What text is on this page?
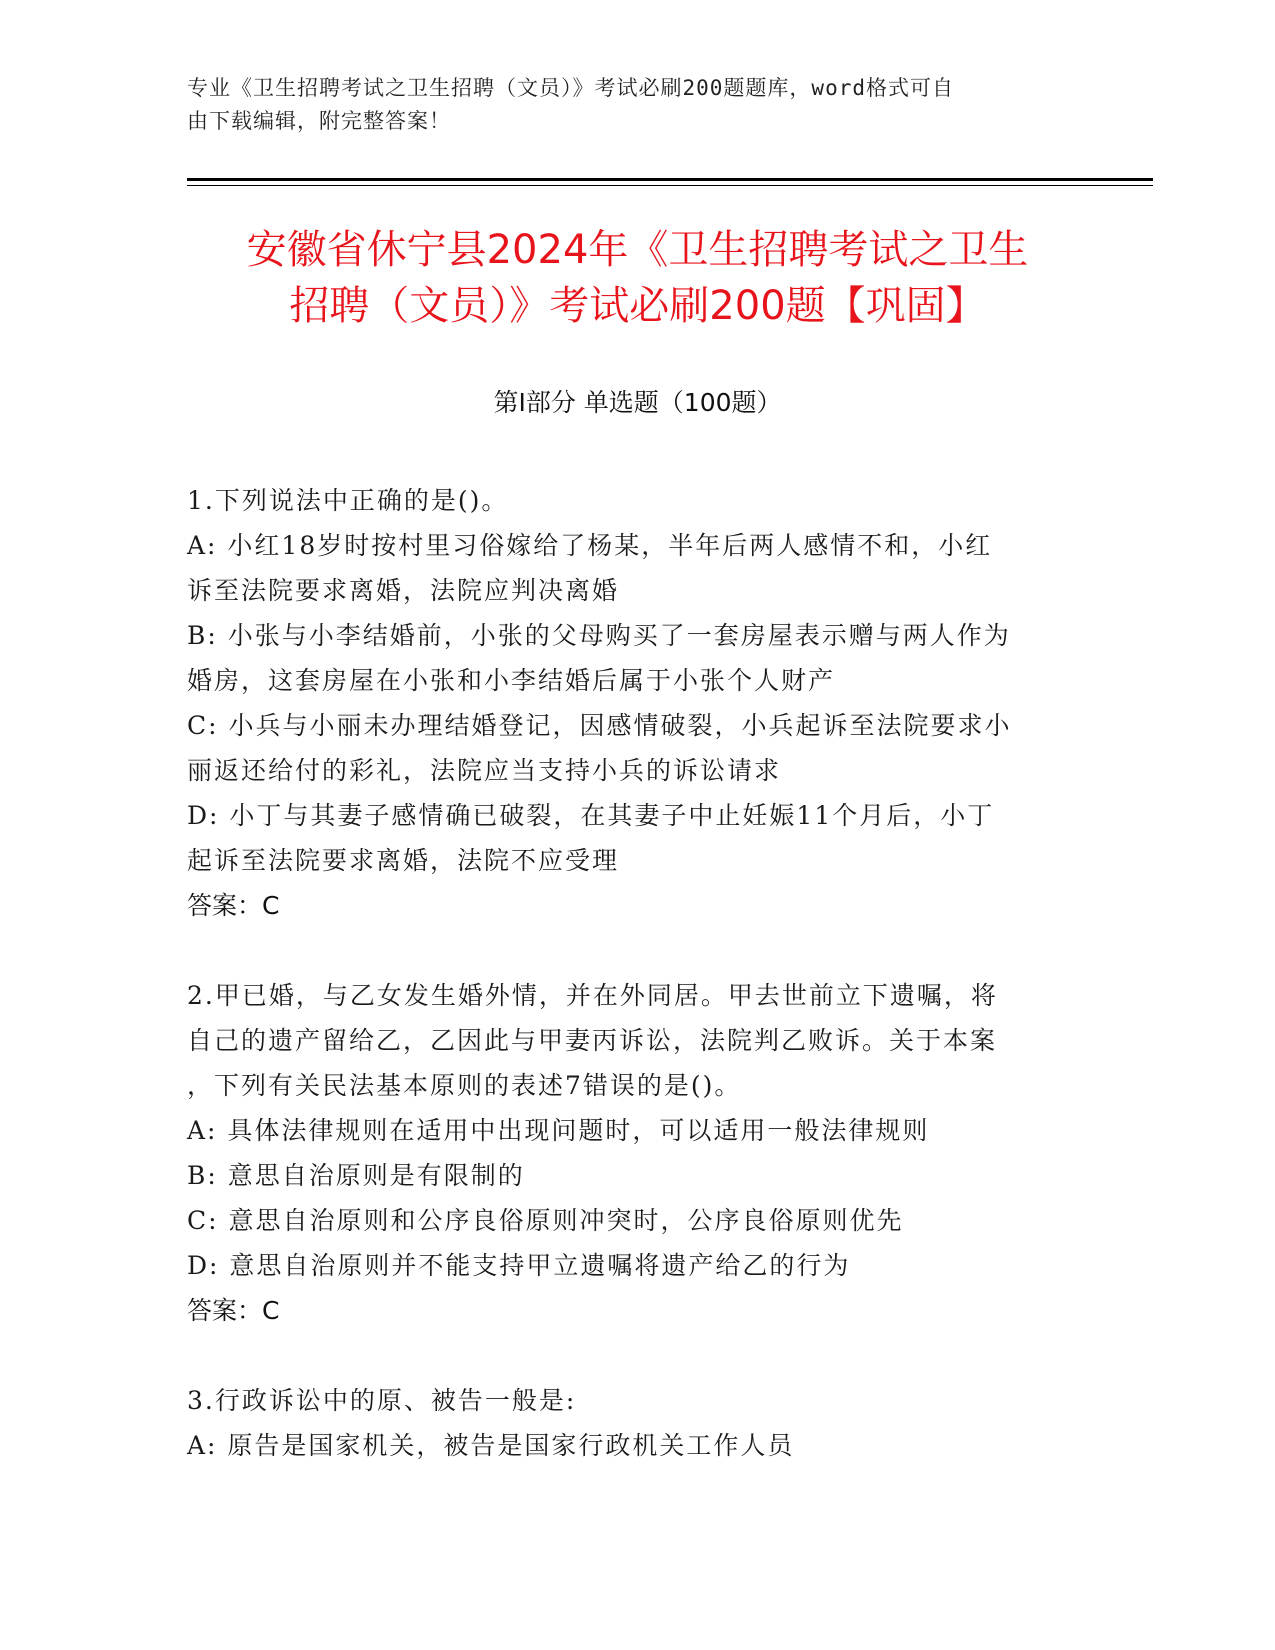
专业《卫生招聘考试之卫生招聘（文员）》考试必刷200题题库，word格式可自
由下载编辑，附完整答案！
安徽省休宁县2024年《卫生招聘考试之卫生
招聘（文员）》考试必刷200题【巩固】
第Ⅰ部分 单选题（100题）
1.下列说法中正确的是()。
A: 小红18岁时按村里习俗嫁给了杨某，半年后两人感情不和，小红
诉至法院要求离婚，法院应判决离婚
B: 小张与小李结婚前，小张的父母购买了一套房屋表示赠与两人作为
婚房，这套房屋在小张和小李结婚后属于小张个人财产
C: 小兵与小丽未办理结婚登记，因感情破裂，小兵起诉至法院要求小
丽返还给付的彩礼，法院应当支持小兵的诉讼请求
D: 小丁与其妻子感情确已破裂，在其妻子中止妊娠11个月后，小丁
起诉至法院要求离婚，法院不应受理
答案：C
2.甲已婚，与乙女发生婚外情，并在外同居。甲去世前立下遗嘱，将
自己的遗产留给乙，乙因此与甲妻丙诉讼，法院判乙败诉。关于本案
，下列有关民法基本原则的表述7错误的是()。
A: 具体法律规则在适用中出现问题时，可以适用一般法律规则
B: 意思自治原则是有限制的
C: 意思自治原则和公序良俗原则冲突时，公序良俗原则优先
D: 意思自治原则并不能支持甲立遗嘱将遗产给乙的行为
答案：C
3.行政诉讼中的原、被告一般是:
A: 原告是国家机关，被告是国家行政机关工作人员
